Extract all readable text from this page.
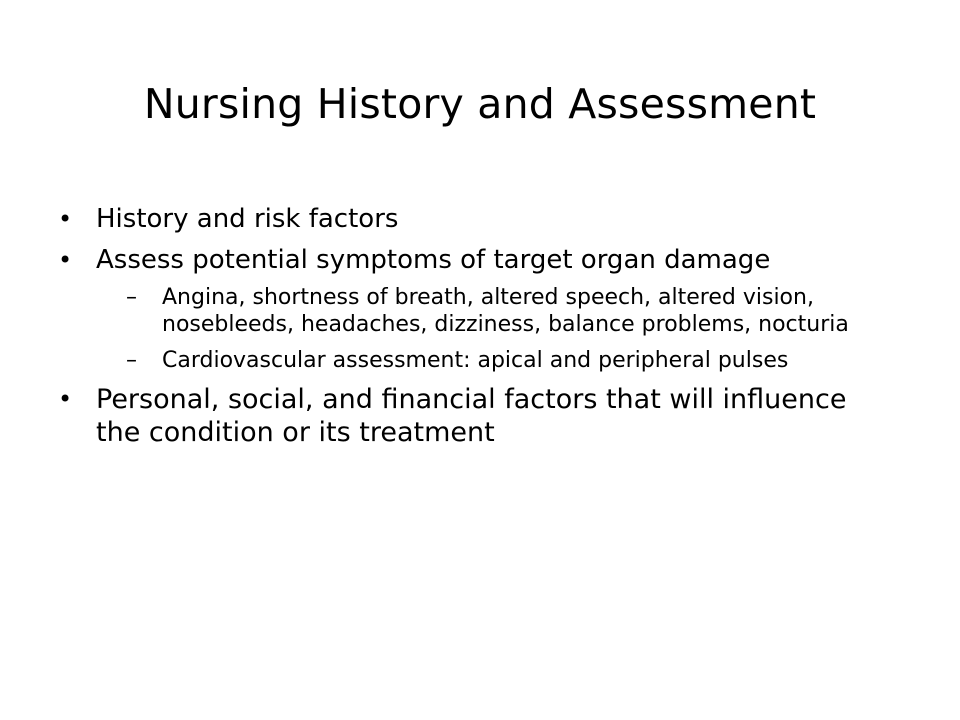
Nursing History and Assessment
• History and risk factors
• Assess potential symptoms of target organ damage
–	Angina, shortness of breath, altered speech, altered vision, nosebleeds, headaches, dizziness, balance problems, nocturia
–	Cardiovascular assessment: apical and peripheral pulses
• Personal, social, and financial factors that will influence the condition or its treatment
